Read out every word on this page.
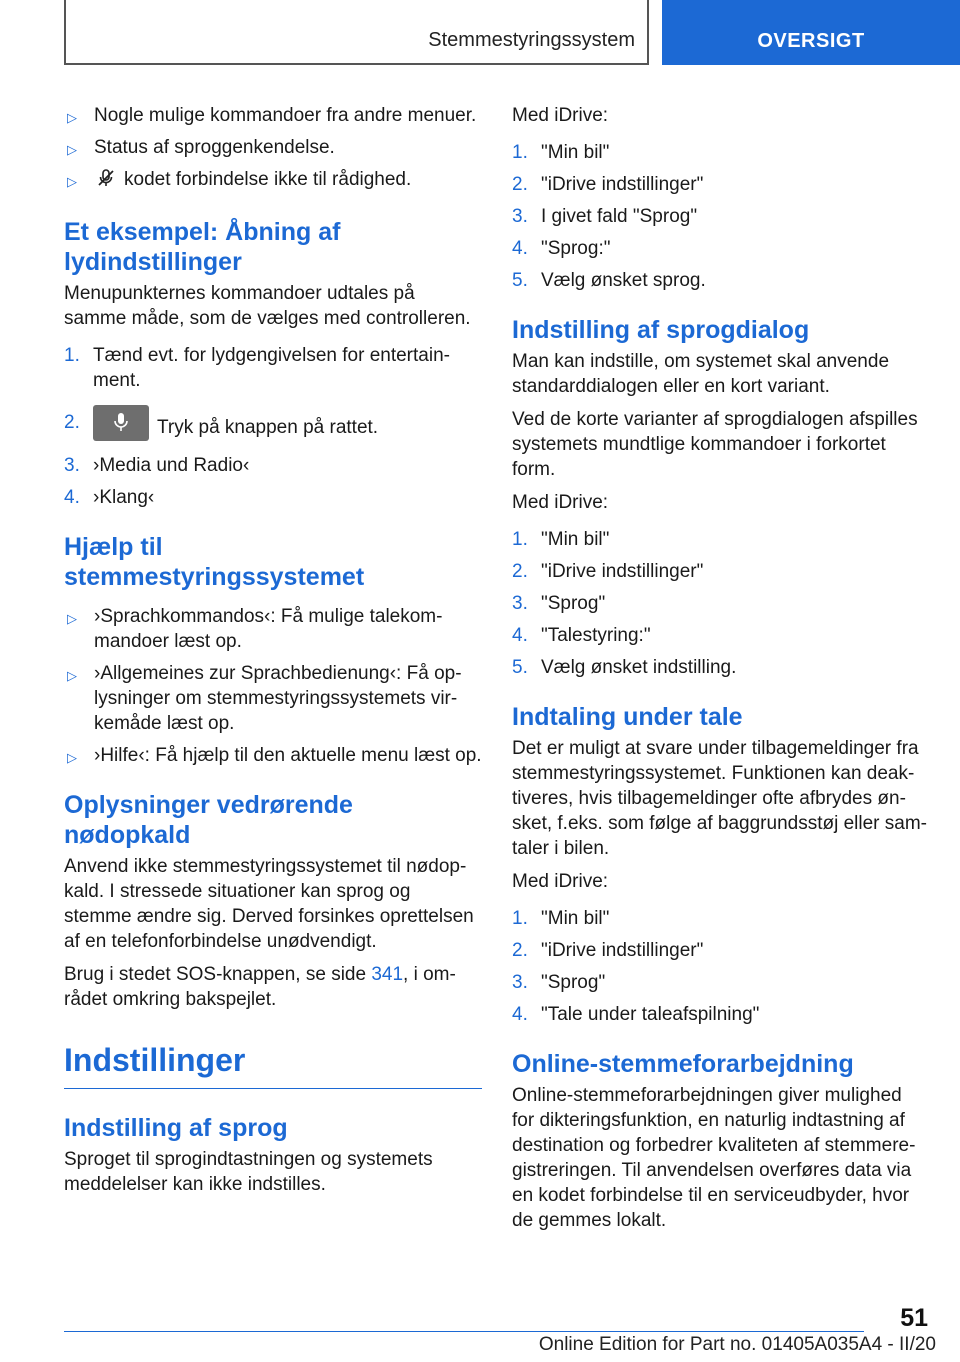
Stemmestyringssystem	OVERSIGT
▷ Nogle mulige kommandoer fra andre menuer.
▷ Status af sproggenkendelse.
▷ kodet forbindelse ikke til rådighed.
Et eksempel: Åbning af
lydindstillinger

Menupunkternes kommandoer udtales på
samme måde, som de vælges med controlleren.

1. Tænd evt. for lydgengivelsen for entertain-
ment.
2.	Tryk på knappen på rattet.
3. ›Media und Radio‹
4. ›Klang‹
Hjælp til
stemmestyringssystemet
▷ ›Sprachkommandos‹: Få mulige talekom-
mandoer læst op.
▷ ›Allgemeines zur Sprachbedienung‹: Få op-
lysninger om stemmestyringssystemets vir-
kemåde læst op.
▷ ›Hilfe‹: Få hjælp til den aktuelle menu læst op.
Oplysninger vedrørende
nødopkald

Anvend ikke stemmestyringssystemet til nødop-
kald. I stressede situationer kan sprog og
stemme ændre sig. Derved forsinkes oprettelsen
af en telefonforbindelse unødvendigt.

Brug i stedet SOS-knappen, se side 341, i om-
rådet omkring bakspejlet.

Indstillinger
Indstilling af sprog

Sproget til sprogindtastningen og systemets
meddelelser kan ikke indstilles.

Med iDrive:

1. "Min bil"
2. "iDrive indstillinger"
3. I givet fald "Sprog"
4. "Sprog:"
5. Vælg ønsket sprog.
Indstilling af sprogdialog

Man kan indstille, om systemet skal anvende
standarddialogen eller en kort variant.

Ved de korte varianter af sprogdialogen afspilles
systemets mundtlige kommandoer i forkortet
form.

Med iDrive:

1. "Min bil"
2. "iDrive indstillinger"
3. "Sprog"
4. "Talestyring:"
5. Vælg ønsket indstilling.
Indtaling under tale

Det er muligt at svare under tilbagemeldinger fra
stemmestyringssystemet. Funktionen kan deak-
tiveres, hvis tilbagemeldinger ofte afbrydes øn-
sket, f.eks. som følge af baggrundsstøj eller sam-
taler i bilen.

Med iDrive:

1. "Min bil"
2. "iDrive indstillinger"
3. "Sprog"
4. "Tale under taleafspilning"
Online-stemmeforarbejdning

Online-stemmeforarbejdningen giver mulighed
for dikteringsfunktion, en naturlig indtastning af
destination og forbedrer kvaliteten af stemmere-
gistreringen. Til anvendelsen overføres data via
en kodet forbindelse til en serviceudbyder, hvor
de gemmes lokalt.

51
Online Edition for Part no. 01405A035A4 - II/20
